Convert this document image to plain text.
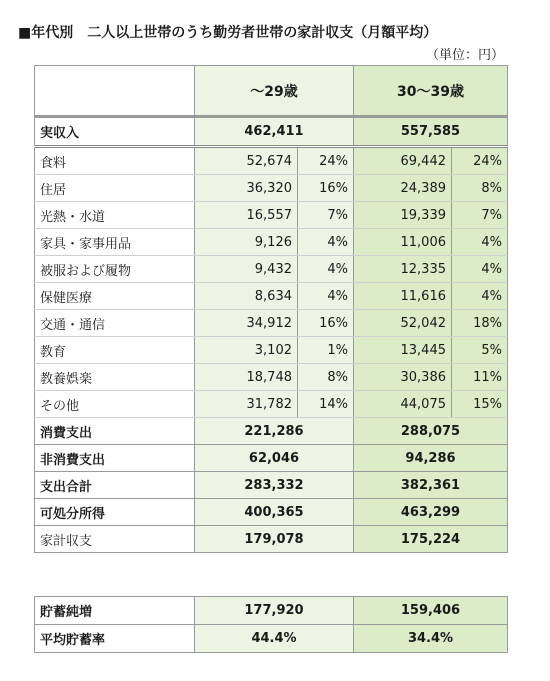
■年代別　二人以上世帯のうち勤労者世帯の家計収支（月額平均）
（単位：円）
	～29歳		30～39歳	
実収入	462,411		557,585	
食料	52,674	24%	69,442	24%
住居	36,320	16%	24,389	8%
光熱・水道	16,557	7%	19,339	7%
家具・家事用品	9,126	4%	11,006	4%
被服および履物	9,432	4%	12,335	4%
保健医療	8,634	4%	11,616	4%
交通・通信	34,912	16%	52,042	18%
教育	3,102	1%	13,445	5%
教養娯楽	18,748	8%	30,386	11%
その他	31,782	14%	44,075	15%
消費支出	221,286		288,075	
非消費支出	62,046		94,286	
支出合計	283,332		382,361	
可処分所得	400,365		463,299	
家計収支	179,078		175,224	
貯蓄純増	177,920	159,406
平均貯蓄率	44.4%	34.4%
